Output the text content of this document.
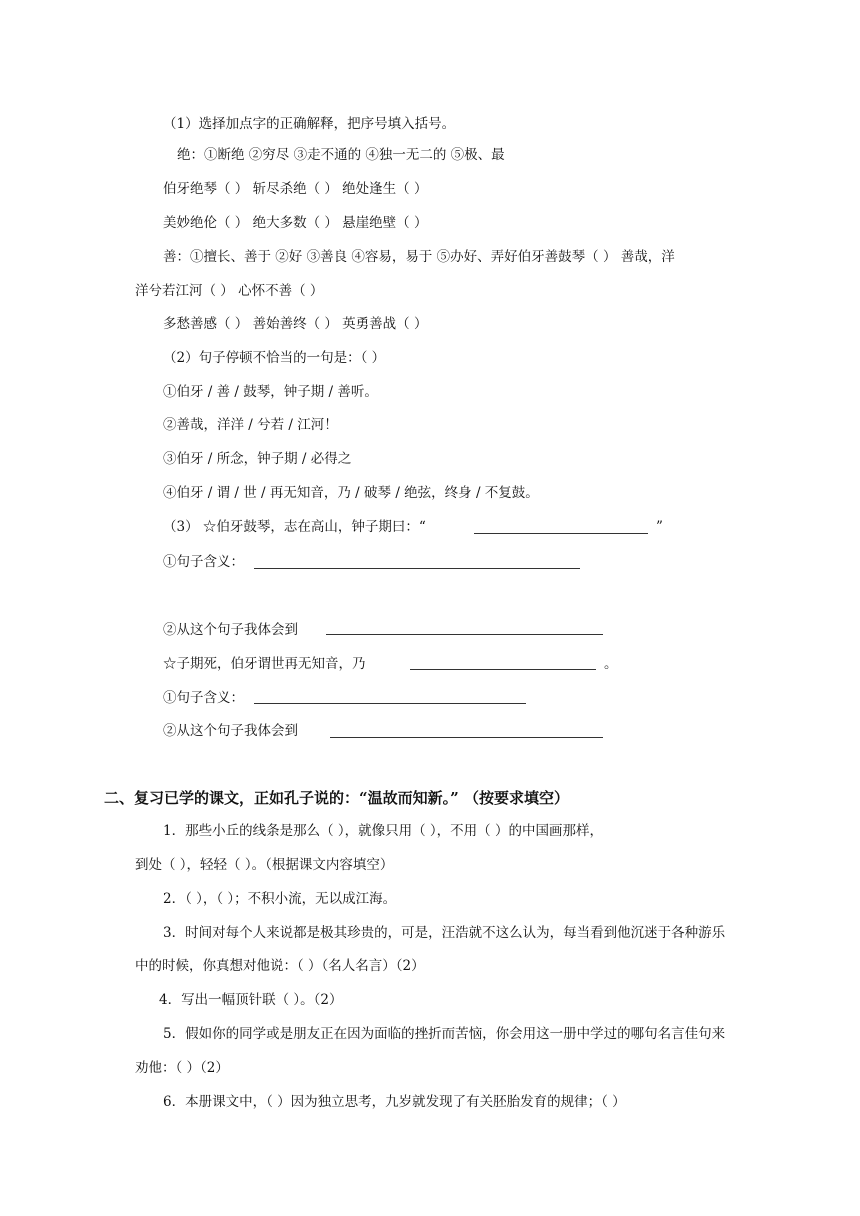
（1）选择加点字的正确解释，把序号填入括号。
绝：①断绝 ②穷尽 ③走不通的 ④独一无二的 ⑤极、最
伯牙绝琴（ ） 斩尽杀绝（ ） 绝处逢生（ ）
美妙绝伦（ ） 绝大多数（ ） 悬崖绝壁（ ）
善：①擅长、善于 ②好 ③善良 ④容易，易于 ⑤办好、弄好伯牙善鼓琴（ ） 善哉，洋
洋兮若江河（ ） 心怀不善（ ）
多愁善感（ ） 善始善终（ ） 英勇善战（ ）
（2）句子停顿不恰当的一句是：（ ）
①伯牙 / 善 / 鼓琴，钟子期 / 善听。
②善哉，洋洋 / 兮若 / 江河！
③伯牙 / 所念，钟子期 / 必得之
④伯牙 / 谓 / 世 / 再无知音，乃 / 破琴 / 绝弦，终身 / 不复鼓。
（3） ☆伯牙鼓琴，志在高山，钟子期曰：“	”
①句子含义：
②从这个句子我体会到
☆子期死，伯牙谓世再无知音，乃	。
①句子含义：
②从这个句子我体会到
二、复习已学的课文，正如孔子说的：“温故而知新。” （按要求填空）
1．那些小丘的线条是那么（ ），就像只用（ ），不用（ ）的中国画那样，
到处（ ），轻轻（ ）。（根据课文内容填空）
2．（ ），（ ）；不积小流，无以成江海。
3．时间对每个人来说都是极其珍贵的，可是，汪浩就不这么认为，每当看到他沉迷于各种游乐
中的时候，你真想对他说：（ ）（名人名言）（2）
4．写出一幅顶针联（ ）。（2）
5．假如你的同学或是朋友正在因为面临的挫折而苦恼，你会用这一册中学过的哪句名言佳句来
劝他：（ ）（2）
6．本册课文中，（ ）因为独立思考，九岁就发现了有关胚胎发育的规律；（ ）
